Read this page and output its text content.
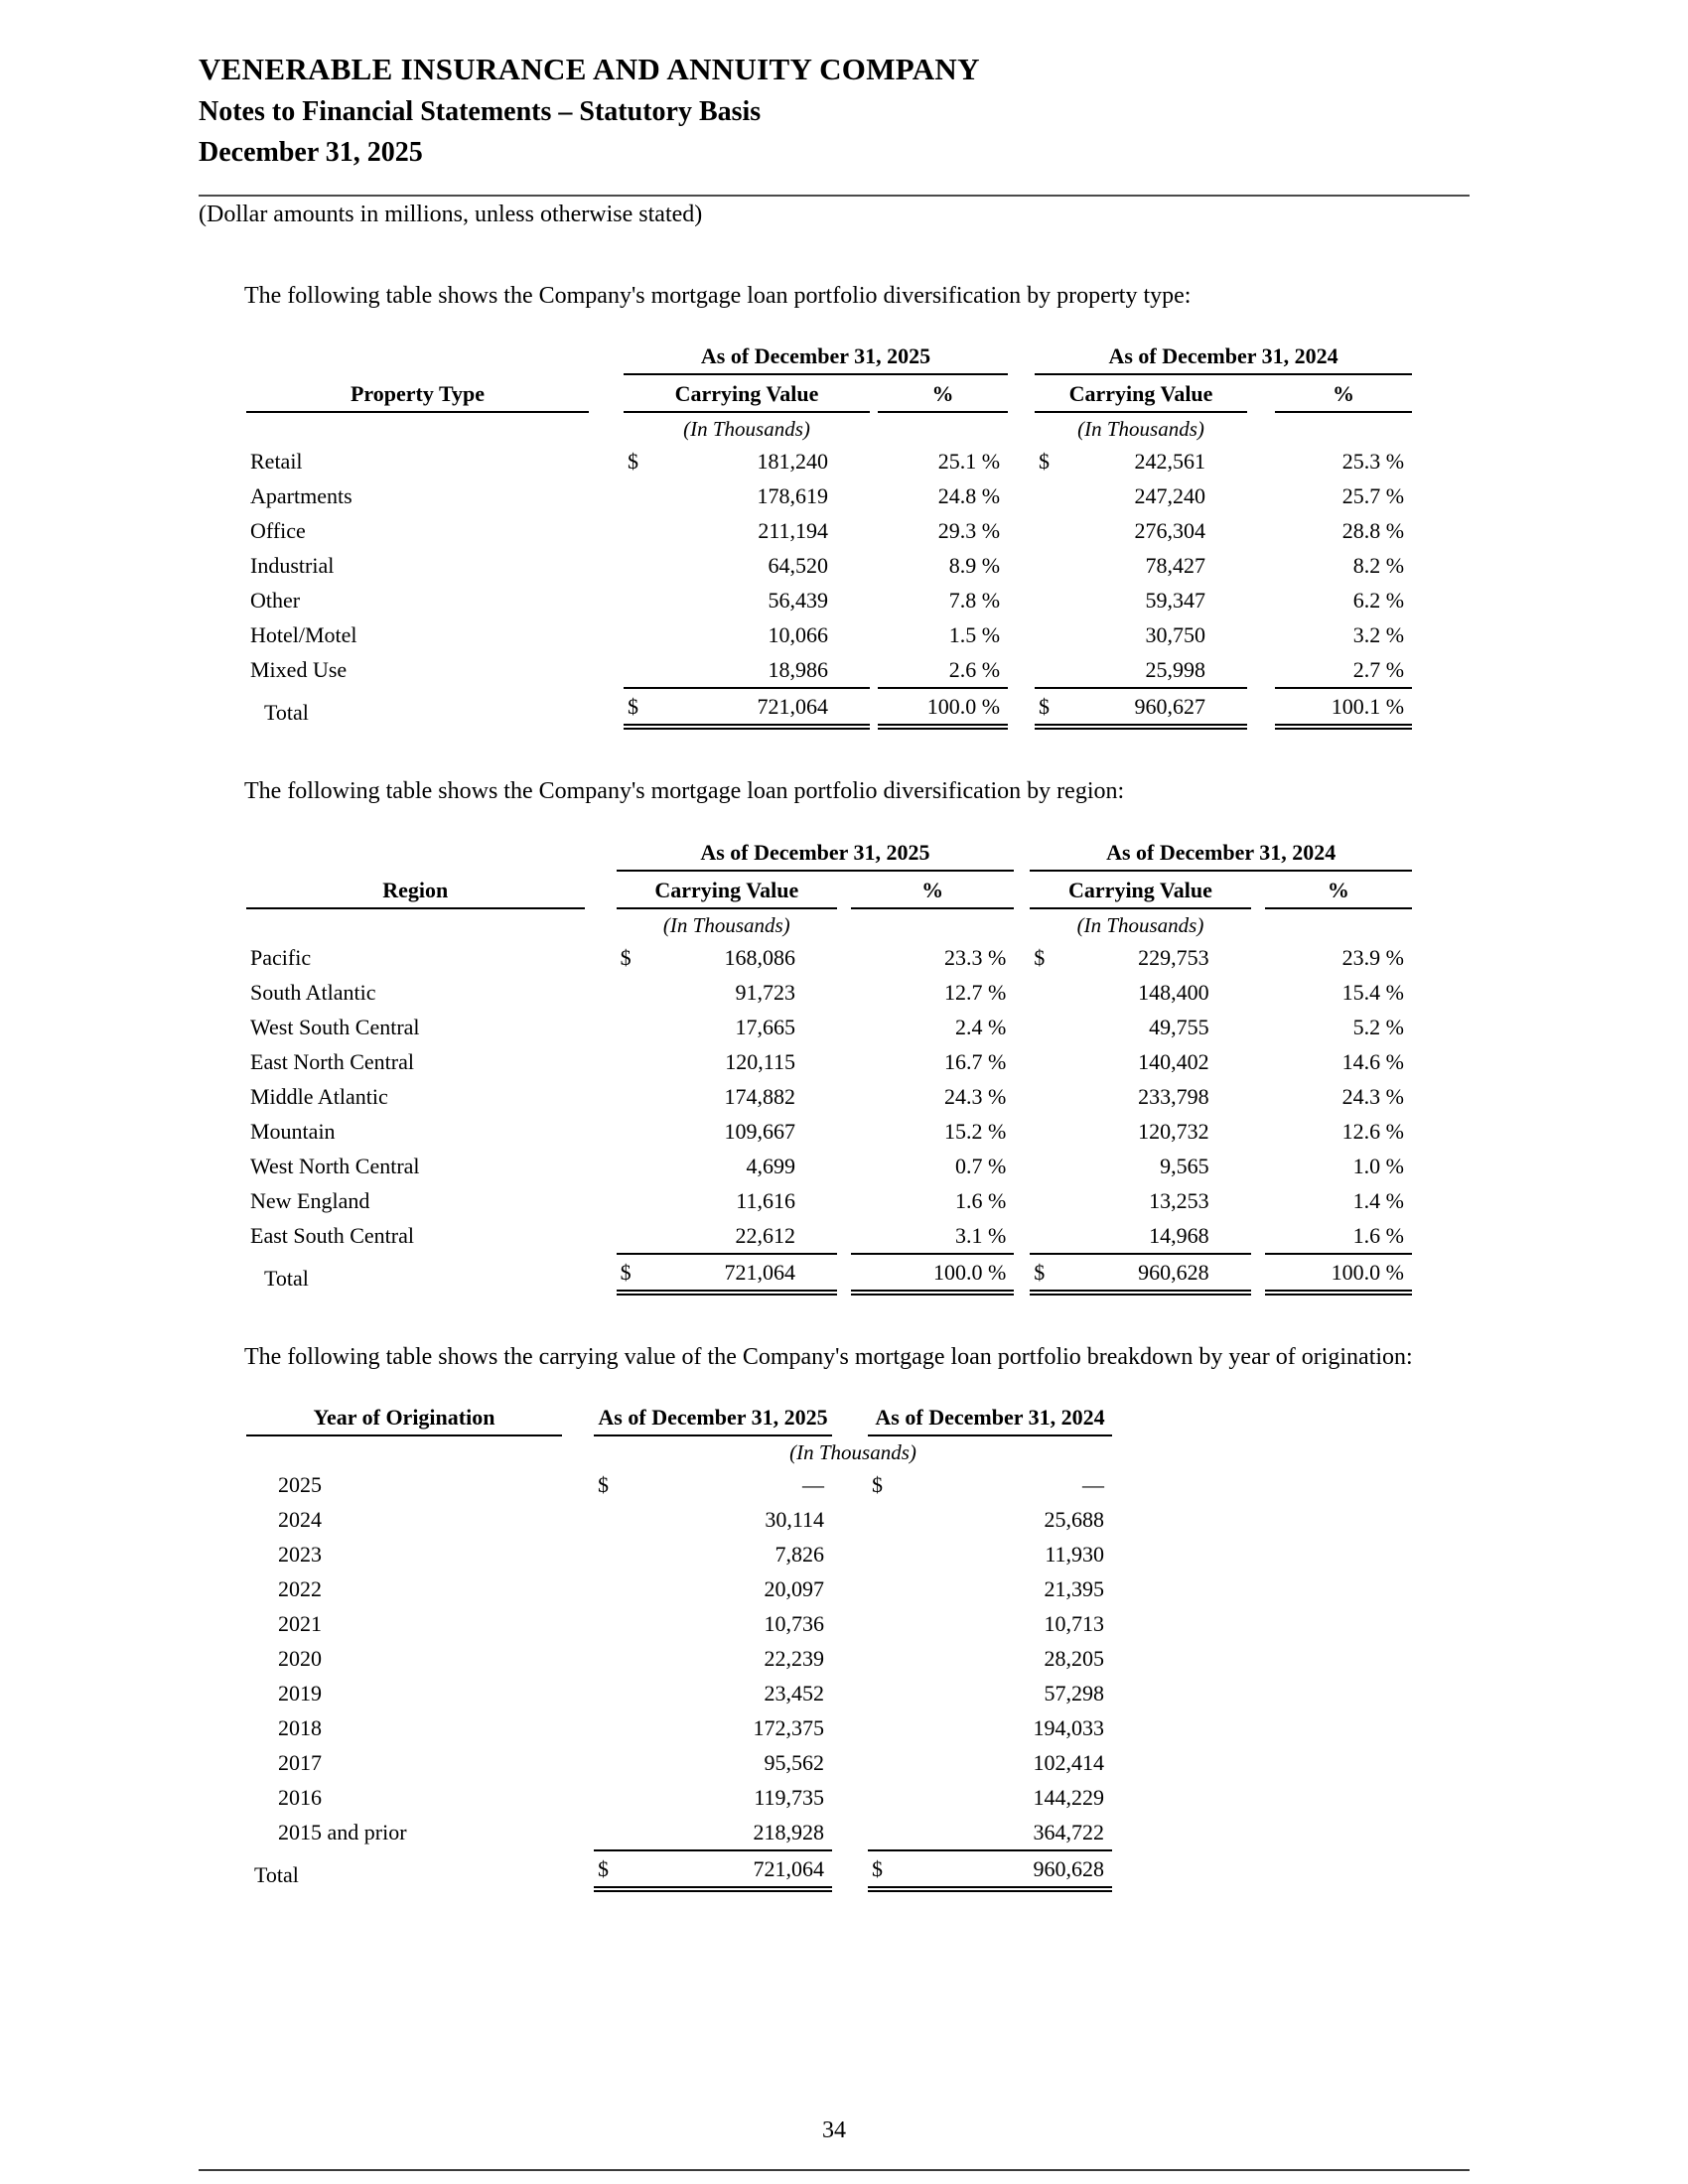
VENERABLE INSURANCE AND ANNUITY COMPANY
Notes to Financial Statements – Statutory Basis
December 31, 2025
(Dollar amounts in millions, unless otherwise stated)

The following table shows the Company's mortgage loan portfolio diversification by property type:

		As of December 31, 2025				As of December 31, 2024		
Property Type		Carrying Value		%		Carrying Value		%
		(In Thousands)				(In Thousands)		
Retail		$ 181,240		25.1 %		$ 242,561		25.3 %

Apartments		178,619		24.8 %		247,240		25.7 %

Office		211,194		29.3 %		276,304		28.8 %

Industrial		64,520		8.9 %		78,427		8.2 %

Other		56,439		7.8 %		59,347		6.2 %

Hotel/Motel		10,066		1.5 %		30,750		3.2 %

Mixed Use		18,986		2.6 %		25,998		2.7 %

Total		$ 721,064		100.0 %		$ 960,627		100.1 %

The following table shows the Company's mortgage loan portfolio diversification by region:

		As of December 31, 2025				As of December 31, 2024		
Region		Carrying Value		%		Carrying Value		%
		(In Thousands)				(In Thousands)		
Pacific		$ 168,086		23.3 %		$ 229,753		23.9 %

South Atlantic		91,723		12.7 %		148,400		15.4 %

West South Central		17,665		2.4 %		49,755		5.2 %

East North Central		120,115		16.7 %		140,402		14.6 %

Middle Atlantic		174,882		24.3 %		233,798		24.3 %

Mountain		109,667		15.2 %		120,732		12.6 %

West North Central		4,699		0.7 %		9,565		1.0 %

New England		11,616		1.6 %		13,253		1.4 %

East South Central		22,612		3.1 %		14,968		1.6 %

Total		$ 721,064		100.0 %		$ 960,628		100.0 %

The following table shows the carrying value of the Company's mortgage loan portfolio breakdown by year of origination:

Year of Origination		As of December 31, 2025		As of December 31, 2024
		(In Thousands)		
2025		$ —		$ —

2024		30,114		25,688

2023		7,826		11,930

2022		20,097		21,395

2021		10,736		10,713

2020		22,239		28,205

2019		23,452		57,298

2018		172,375		194,033

2017		95,562		102,414

2016		119,735		144,229

2015 and prior		218,928		364,722

Total		$ 721,064		$ 960,628
34
